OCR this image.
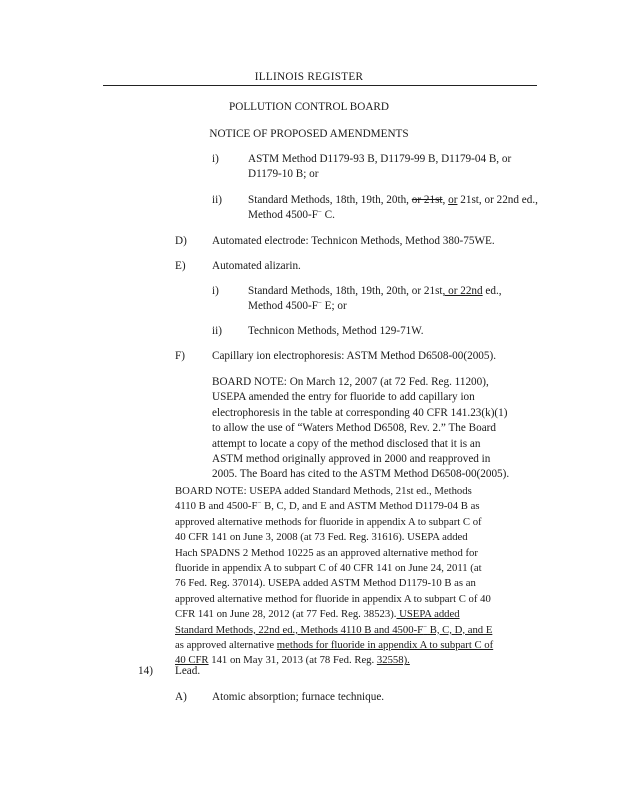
ILLINOIS REGISTER

POLLUTION CONTROL BOARD

NOTICE OF PROPOSED AMENDMENTS

i)	ASTM Method D1179-93 B, D1179-99 B, D1179-04 B, or

D1179-10 B; or

ii) Standard Methods, 18th, 19th, 20th, or 21st, or 21st, or 22nd ed.,

Method 4500-F− C.

D) Automated electrode: Technicon Methods, Method 380-75WE.

E) Automated alizarin.

i)	Standard Methods, 18th, 19th, 20th, or 21st, or 22nd ed.,

Method 4500-F− E; or

ii) Technicon Methods, Method 129-71W.

F) Capillary ion electrophoresis: ASTM Method D6508-00(2005).

BOARD NOTE: On March 12, 2007 (at 72 Fed. Reg. 11200),
USEPA amended the entry for fluoride to add capillary ion
electrophoresis in the table at corresponding 40 CFR 141.23(k)(1)
to allow the use of “Waters Method D6508, Rev. 2.” The Board
attempt to locate a copy of the method disclosed that it is an
ASTM method originally approved in 2000 and reapproved in
2005. The Board has cited to the ASTM Method D6508-00(2005).
BOARD NOTE: USEPA added Standard Methods, 21st ed., Methods
4110 B and 4500-F− B, C, D, and E and ASTM Method D1179-04 B as
approved alternative methods for fluoride in appendix A to subpart C of
40 CFR 141 on June 3, 2008 (at 73 Fed. Reg. 31616). USEPA added
Hach SPADNS 2 Method 10225 as an approved alternative method for
fluoride in appendix A to subpart C of 40 CFR 141 on June 24, 2011 (at
76 Fed. Reg. 37014). USEPA added ASTM Method D1179-10 B as an
approved alternative method for fluoride in appendix A to subpart C of 40
CFR 141 on June 28, 2012 (at 77 Fed. Reg. 38523). USEPA added
Standard Methods, 22nd ed., Methods 4110 B and 4500-F− B, C, D, and E
as approved alternative methods for fluoride in appendix A to subpart C of
40 CFR 141 on May 31, 2013 (at 78 Fed. Reg. 32558).

14) Lead.

A) Atomic absorption; furnace technique.
